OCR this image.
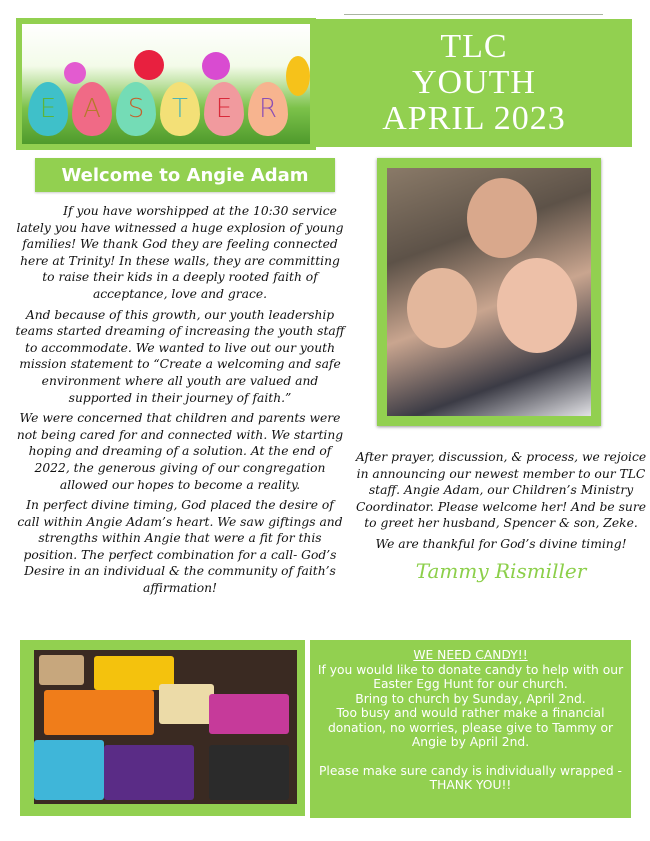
E	A	S	T	E	R
TLC
YOUTH
APRIL 2023
Welcome to Angie Adam

If you have worshipped at the 10:30 service lately you have witnessed a huge explosion of young families! We thank God they are feeling connected here at Trinity! In these walls, they are committing to raise their kids in a deeply rooted faith of acceptance, love and grace.

And because of this growth, our youth leadership teams started dreaming of increasing the youth staff to accommodate. We wanted to live out our youth mission statement to “Create a welcoming and safe environment where all youth are valued and supported in their journey of faith.”

We were concerned that children and parents were not being cared for and connected with. We starting hoping and dreaming of a solution. At the end of 2022, the generous giving of our congregation allowed our hopes to become a reality.

In perfect divine timing, God placed the desire of call within Angie Adam’s heart. We saw giftings and strengths within Angie that were a fit for this position. The perfect combination for a call- God’s Desire in an individual & the community of faith’s affirmation!

After prayer, discussion, & process, we rejoice in announcing our newest member to our TLC staff. Angie Adam, our Children’s Ministry Coordinator. Please welcome her! And be sure to greet her husband, Spencer & son, Zeke.

We are thankful for God’s divine timing!

Tammy Rismiller
WE NEED CANDY!!
If you would like to donate candy to help with our Easter Egg Hunt for our church.
Bring to church by Sunday, April 2nd.
Too busy and would rather make a financial donation, no worries, please give to Tammy or Angie by April 2nd.
Please make sure candy is individually wrapped - THANK YOU!!
